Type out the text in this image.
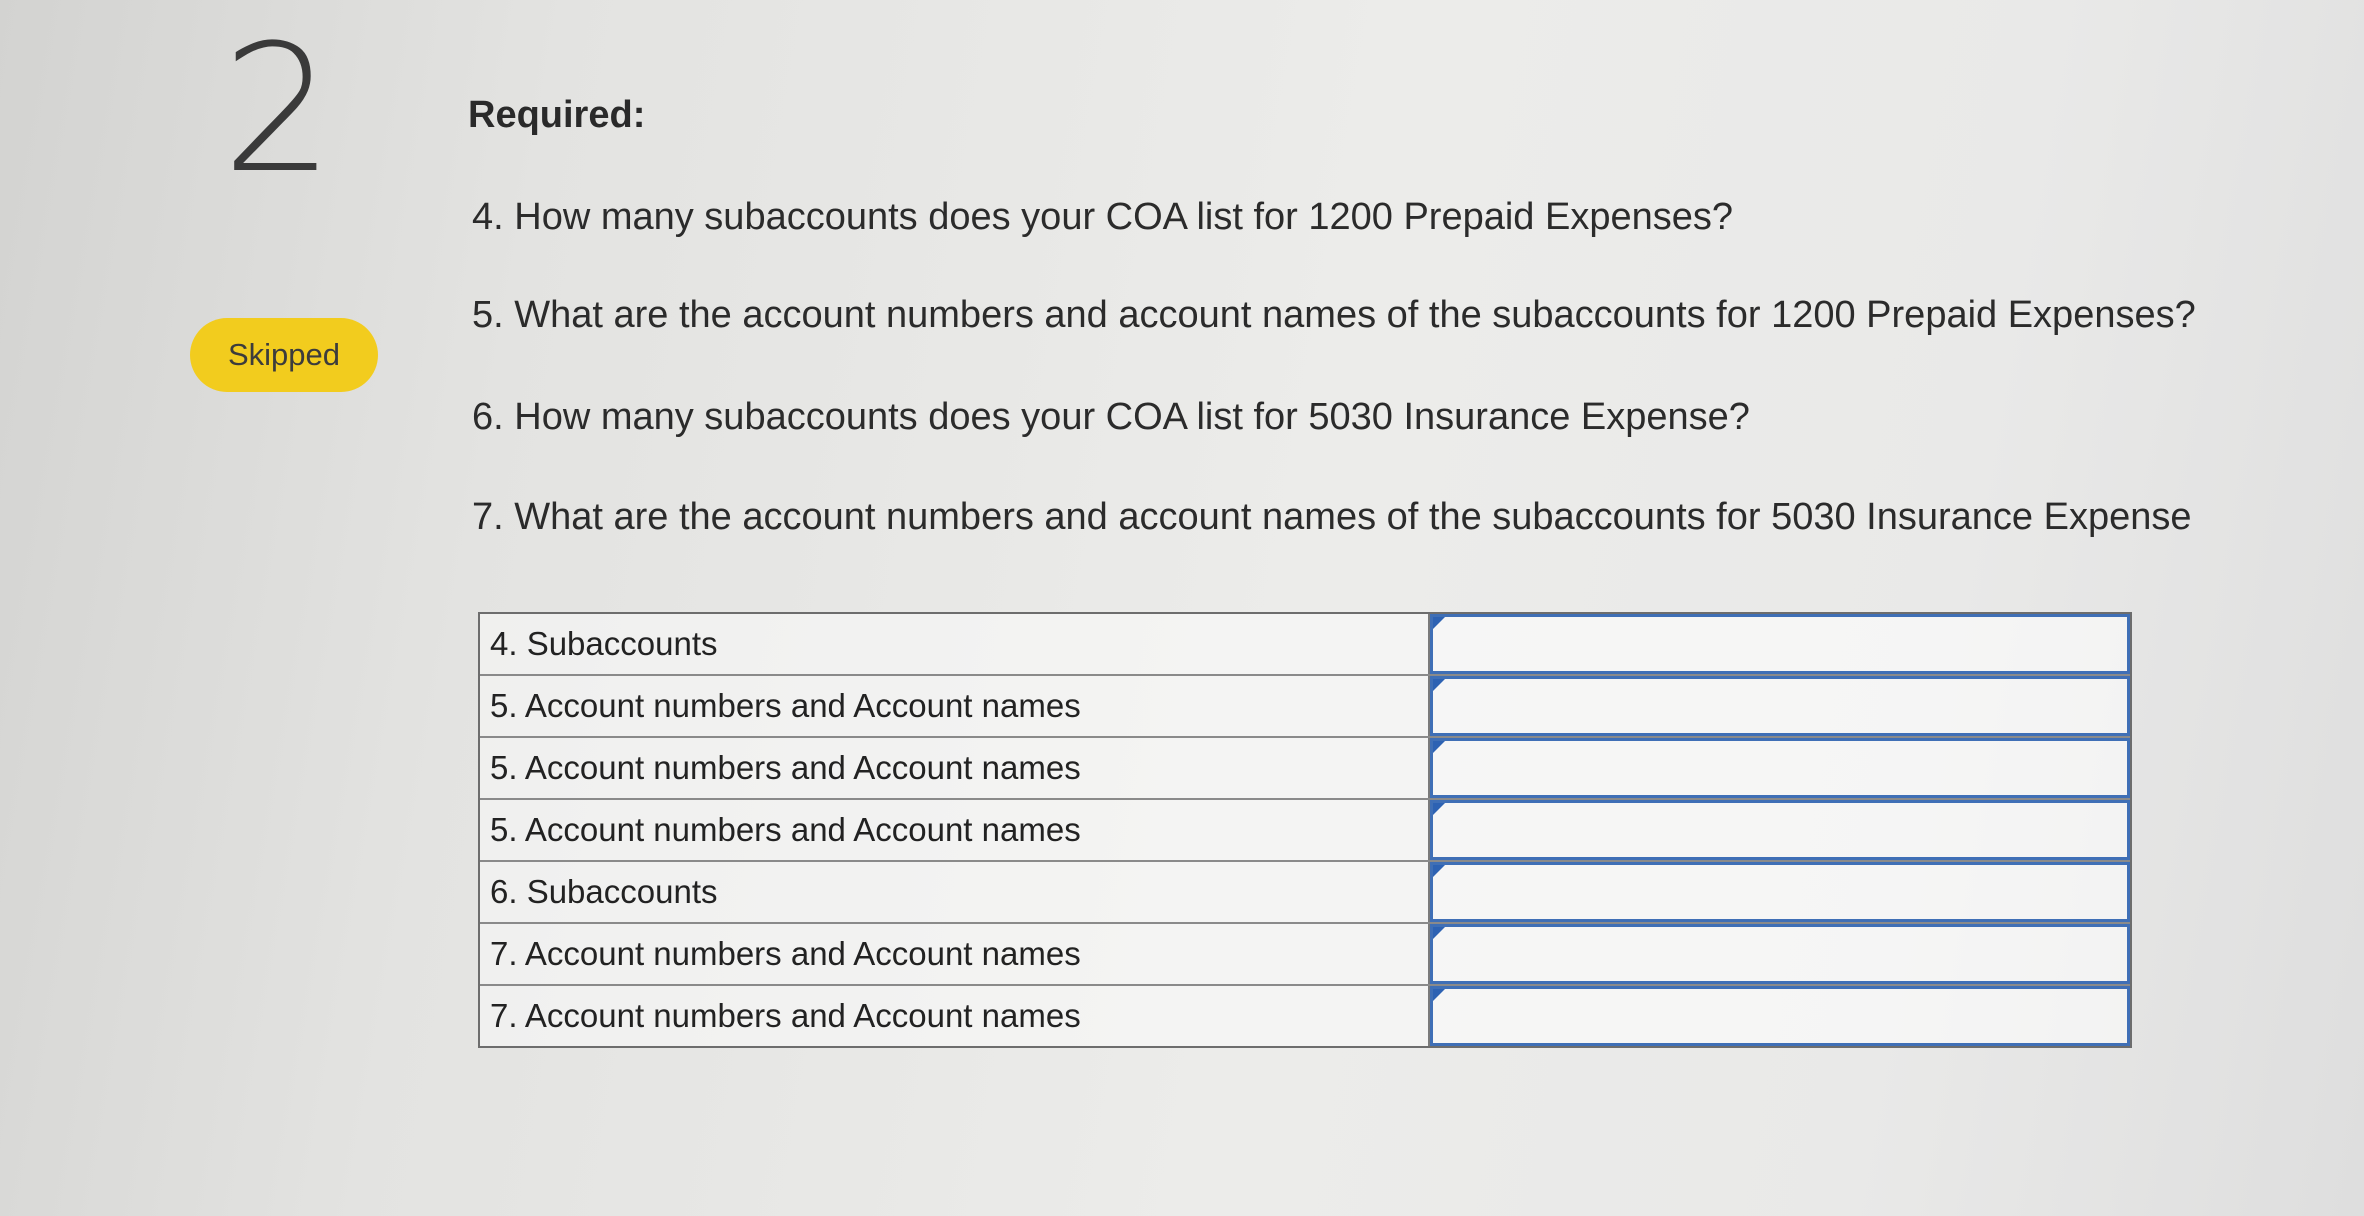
2
Skipped
Required:
4. How many subaccounts does your COA list for 1200 Prepaid Expenses?
5. What are the account numbers and account names of the subaccounts for 1200 Prepaid Expenses?
6. How many subaccounts does your COA list for 5030 Insurance Expense?
7. What are the account numbers and account names of the subaccounts for 5030 Insurance Expense
4. Subaccounts
5. Account numbers and Account names
5. Account numbers and Account names
5. Account numbers and Account names
6. Subaccounts
7. Account numbers and Account names
7. Account numbers and Account names
